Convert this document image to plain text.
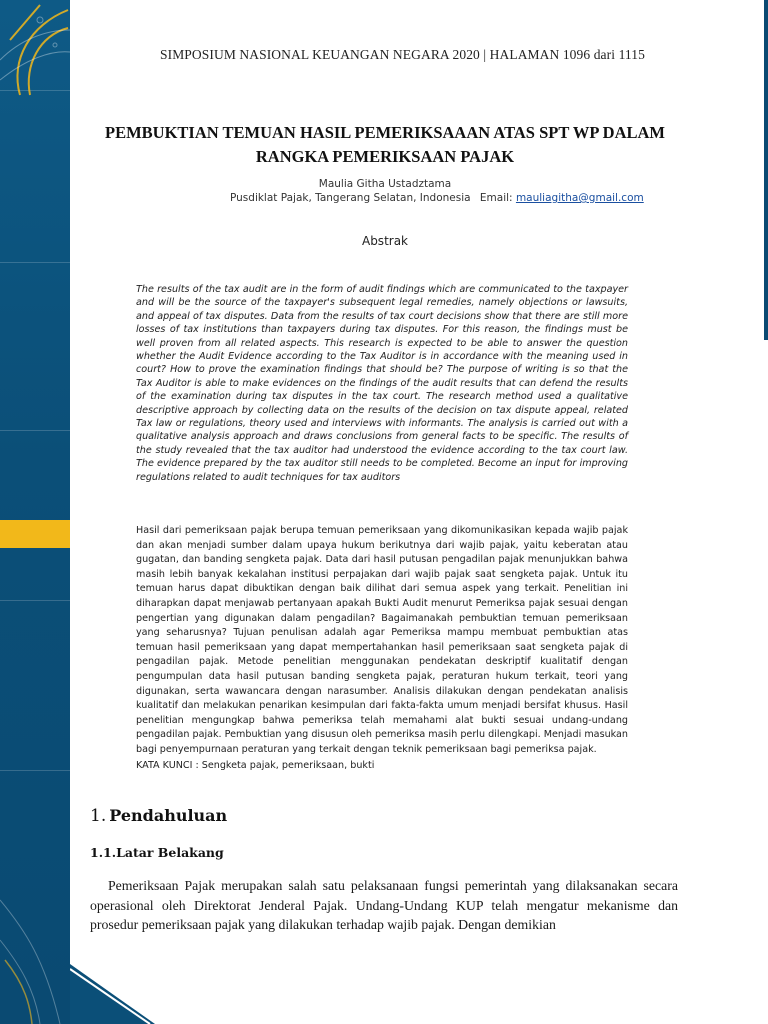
SIMPOSIUM NASIONAL KEUANGAN NEGARA 2020 | HALAMAN 1096 dari 1115
PEMBUKTIAN TEMUAN HASIL PEMERIKSAAAN ATAS SPT WP DALAM RANGKA PEMERIKSAAN PAJAK
Maulia Githa Ustadztama
Pusdiklat Pajak, Tangerang Selatan, Indonesia Email: mauliagitha@gmail.com
Abstrak
The results of the tax audit are in the form of audit findings which are communicated to the taxpayer and will be the source of the taxpayer's subsequent legal remedies, namely objections or lawsuits, and appeal of tax disputes. Data from the results of tax court decisions show that there are still more losses of tax institutions than taxpayers during tax disputes. For this reason, the findings must be well proven from all related aspects. This research is expected to be able to answer the question whether the Audit Evidence according to the Tax Auditor is in accordance with the meaning used in court? How to prove the examination findings that should be? The purpose of writing is so that the Tax Auditor is able to make evidences on the findings of the audit results that can defend the results of the examination during tax disputes in the tax court. The research method used a qualitative descriptive approach by collecting data on the results of the decision on tax dispute appeal, related Tax law or regulations, theory used and interviews with informants. The analysis is carried out with a qualitative analysis approach and draws conclusions from general facts to be specific. The results of the study revealed that the tax auditor had understood the evidence according to the tax court law. The evidence prepared by the tax auditor still needs to be completed. Become an input for improving regulations related to audit techniques for tax auditors
Hasil dari pemeriksaan pajak berupa temuan pemeriksaan yang dikomunikasikan kepada wajib pajak dan akan menjadi sumber dalam upaya hukum berikutnya dari wajib pajak, yaitu keberatan atau gugatan, dan banding sengketa pajak. Data dari hasil putusan pengadilan pajak menunjukkan bahwa masih lebih banyak kekalahan institusi perpajakan dari wajib pajak saat sengketa pajak. Untuk itu temuan harus dapat dibuktikan dengan baik dilihat dari semua aspek yang terkait. Penelitian ini diharapkan dapat menjawab pertanyaan apakah Bukti Audit menurut Pemeriksa pajak sesuai dengan pengertian yang digunakan dalam pengadilan? Bagaimanakah pembuktian temuan pemeriksaan yang seharusnya? Tujuan penulisan adalah agar Pemeriksa mampu membuat pembuktian atas temuan hasil pemeriksaan yang dapat mempertahankan hasil pemeriksaan saat sengketa pajak di pengadilan pajak. Metode penelitian menggunakan pendekatan deskriptif kualitatif dengan pengumpulan data hasil putusan banding sengketa pajak, peraturan hukum terkait, teori yang digunakan, serta wawancara dengan narasumber. Analisis dilakukan dengan pendekatan analisis kualitatif dan melakukan penarikan kesimpulan dari fakta-fakta umum menjadi bersifat khusus. Hasil penelitian mengungkap bahwa pemeriksa telah memahami alat bukti sesuai undang-undang pengadilan pajak. Pembuktian yang disusun oleh pemeriksa masih perlu dilengkapi. Menjadi masukan bagi penyempurnaan peraturan yang terkait dengan teknik pemeriksaan bagi pemeriksa pajak.
KATA KUNCI : Sengketa pajak, pemeriksaan, bukti
1. Pendahuluan
1.1.Latar Belakang
Pemeriksaan Pajak merupakan salah satu pelaksanaan fungsi pemerintah yang dilaksanakan secara operasional oleh Direktorat Jenderal Pajak. Undang-Undang KUP telah mengatur mekanisme dan prosedur pemeriksaan pajak yang dilakukan terhadap wajib pajak. Dengan demikian
